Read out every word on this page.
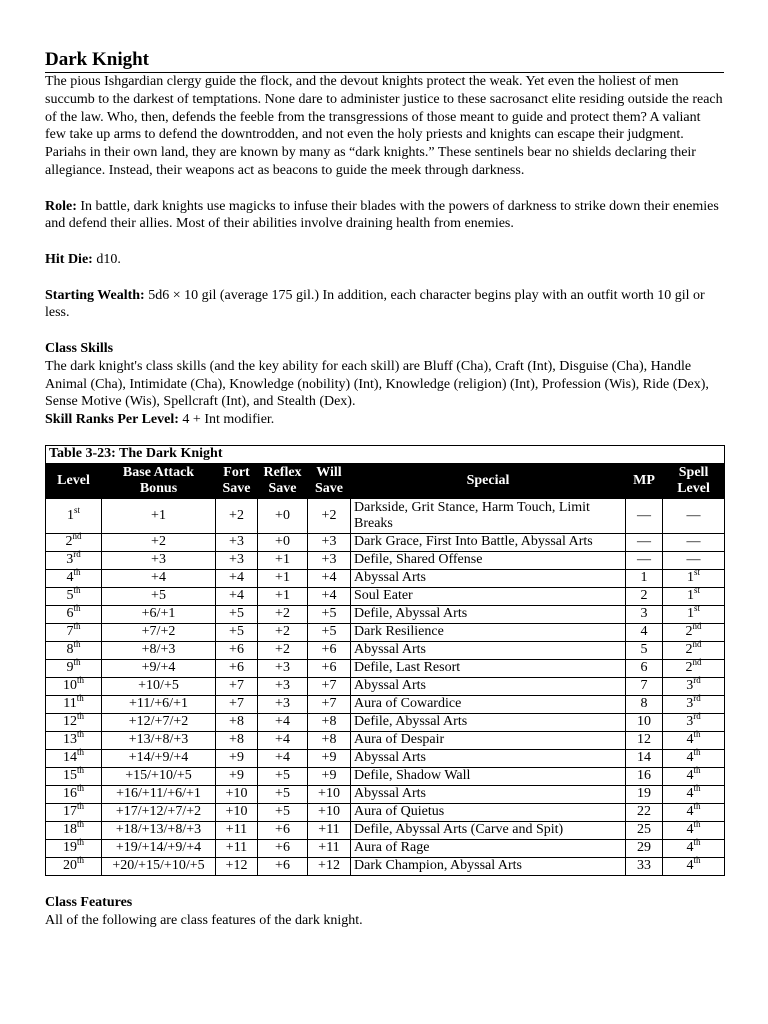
Dark Knight

The pious Ishgardian clergy guide the flock, and the devout knights protect the weak. Yet even the holiest of men succumb to the darkest of temptations. None dare to administer justice to these sacrosanct elite residing outside the reach of the law. Who, then, defends the feeble from the transgressions of those meant to guide and protect them? A valiant few take up arms to defend the downtrodden, and not even the holy priests and knights can escape their judgment. Pariahs in their own land, they are known by many as “dark knights.” These sentinels bear no shields declaring their allegiance. Instead, their weapons act as beacons to guide the meek through darkness.

Role: In battle, dark knights use magicks to infuse their blades with the powers of darkness to strike down their enemies and defend their allies. Most of their abilities involve draining health from enemies.

Hit Die: d10.

Starting Wealth: 5d6 × 10 gil (average 175 gil.) In addition, each character begins play with an outfit worth 10 gil or less.

Class Skills

The dark knight's class skills (and the key ability for each skill) are Bluff (Cha), Craft (Int), Disguise (Cha), Handle Animal (Cha), Intimidate (Cha), Knowledge (nobility) (Int), Knowledge (religion) (Int), Profession (Wis), Ride (Dex), Sense Motive (Wis), Spellcraft (Int), and Stealth (Dex).

Skill Ranks Per Level: 4 + Int modifier.

Table 3-23: The Dark Knight							
Level	Base Attack Bonus	Fort Save	Reflex Save	Will Save	Special	MP	Spell Level
1st	+1	+2	+0	+2	Darkside, Grit Stance, Harm Touch, Limit Breaks	—	—
2nd	+2	+3	+0	+3	Dark Grace, First Into Battle, Abyssal Arts	—	—
3rd	+3	+3	+1	+3	Defile, Shared Offense	—	—
4th	+4	+4	+1	+4	Abyssal Arts	1	1st
5th	+5	+4	+1	+4	Soul Eater	2	1st
6th	+6/+1	+5	+2	+5	Defile, Abyssal Arts	3	1st
7th	+7/+2	+5	+2	+5	Dark Resilience	4	2nd
8th	+8/+3	+6	+2	+6	Abyssal Arts	5	2nd
9th	+9/+4	+6	+3	+6	Defile, Last Resort	6	2nd
10th	+10/+5	+7	+3	+7	Abyssal Arts	7	3rd
11th	+11/+6/+1	+7	+3	+7	Aura of Cowardice	8	3rd
12th	+12/+7/+2	+8	+4	+8	Defile, Abyssal Arts	10	3rd
13th	+13/+8/+3	+8	+4	+8	Aura of Despair	12	4th
14th	+14/+9/+4	+9	+4	+9	Abyssal Arts	14	4th
15th	+15/+10/+5	+9	+5	+9	Defile, Shadow Wall	16	4th
16th	+16/+11/+6/+1	+10	+5	+10	Abyssal Arts	19	4th
17th	+17/+12/+7/+2	+10	+5	+10	Aura of Quietus	22	4th
18th	+18/+13/+8/+3	+11	+6	+11	Defile, Abyssal Arts (Carve and Spit)	25	4th
19th	+19/+14/+9/+4	+11	+6	+11	Aura of Rage	29	4th
20th	+20/+15/+10/+5	+12	+6	+12	Dark Champion, Abyssal Arts	33	4th

Class Features

All of the following are class features of the dark knight.
